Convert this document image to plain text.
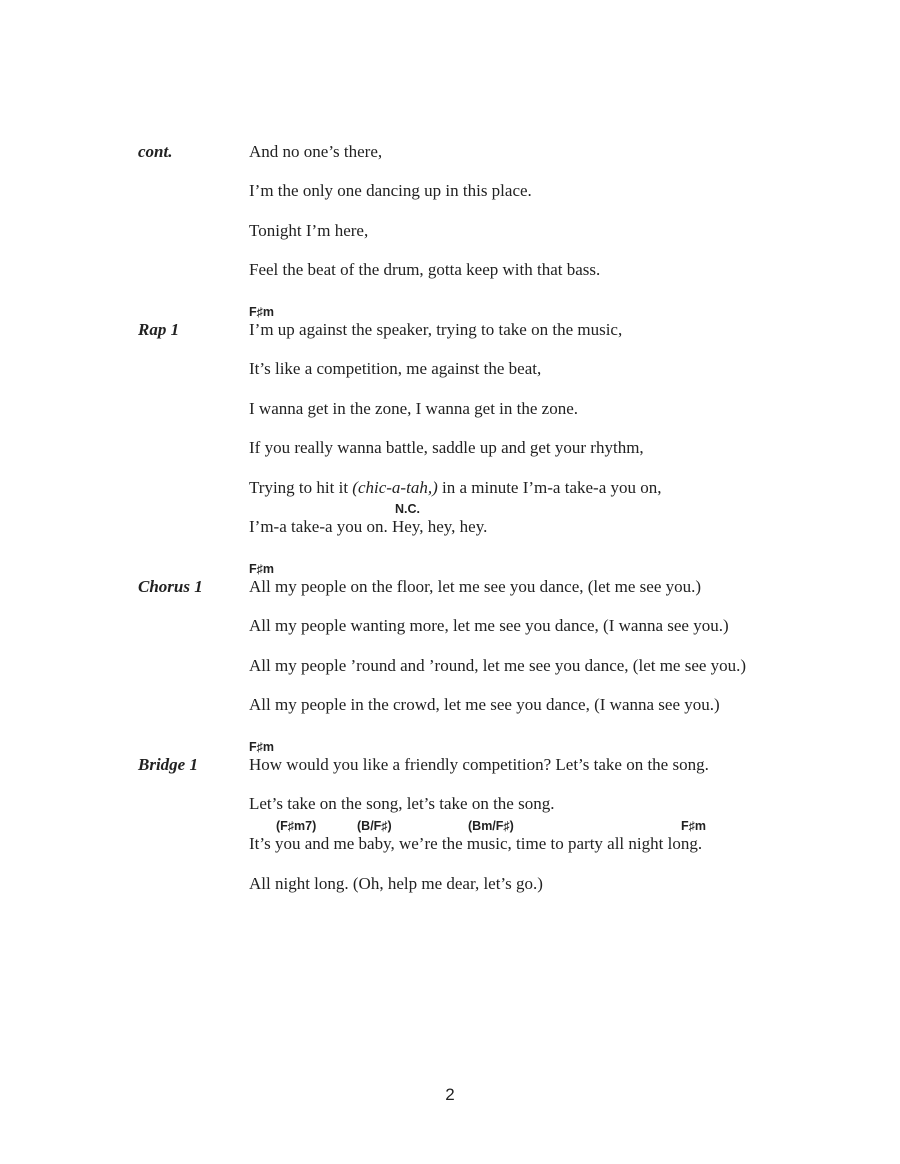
cont.	And no one’s there,
I’m the only one dancing up in this place.
Tonight I’m here,
Feel the beat of the drum, gotta keep with that bass.
F♯m
Rap 1	I’m up against the speaker, trying to take on the music,
It’s like a competition, me against the beat,
I wanna get in the zone, I wanna get in the zone.
If you really wanna battle, saddle up and get your rhythm,
Trying to hit it (chic-a-tah,) in a minute I’m-a take-a you on,
N.C.
I’m-a take-a you on. Hey, hey, hey.
F♯m
Chorus 1	All my people on the floor, let me see you dance, (let me see you.)
All my people wanting more, let me see you dance, (I wanna see you.)
All my people ’round and ’round, let me see you dance, (let me see you.)
All my people in the crowd, let me see you dance, (I wanna see you.)
F♯m
Bridge 1	How would you like a friendly competition? Let’s take on the song.
Let’s take on the song, let’s take on the song.
(F♯m7)	(B/F♯)	(Bm/F♯)	F♯m
It’s you and me baby, we’re the music, time to party all night long.
All night long. (Oh, help me dear, let’s go.)
2
